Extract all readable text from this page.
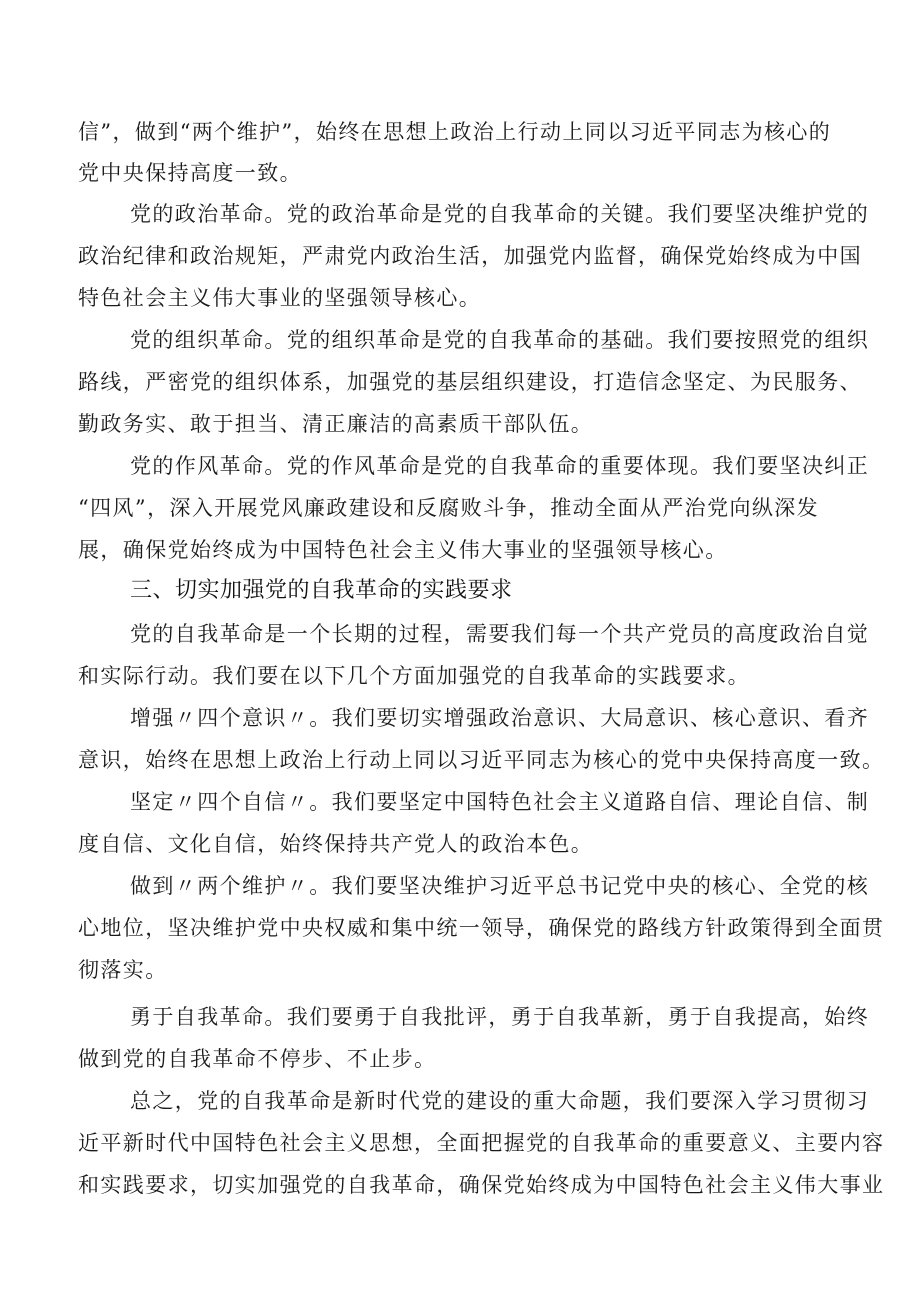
信”，做到“两个维护”，始终在思想上政治上行动上同以习近平同志为核心的
党中央保持高度一致。
党的政治革命。党的政治革命是党的自我革命的关键。我们要坚决维护党的
政治纪律和政治规矩，严肃党内政治生活，加强党内监督，确保党始终成为中国
特色社会主义伟大事业的坚强领导核心。
党的组织革命。党的组织革命是党的自我革命的基础。我们要按照党的组织
路线，严密党的组织体系，加强党的基层组织建设，打造信念坚定、为民服务、
勤政务实、敢于担当、清正廉洁的高素质干部队伍。
党的作风革命。党的作风革命是党的自我革命的重要体现。我们要坚决纠正
“四风”，深入开展党风廉政建设和反腐败斗争，推动全面从严治党向纵深发
展，确保党始终成为中国特色社会主义伟大事业的坚强领导核心。
三、切实加强党的自我革命的实践要求
党的自我革命是一个长期的过程，需要我们每一个共产党员的高度政治自觉
和实际行动。我们要在以下几个方面加强党的自我革命的实践要求。
增强〃四个意识〃。我们要切实增强政治意识、大局意识、核心意识、看齐
意识，始终在思想上政治上行动上同以习近平同志为核心的党中央保持高度一致。
坚定〃四个自信〃。我们要坚定中国特色社会主义道路自信、理论自信、制
度自信、文化自信，始终保持共产党人的政治本色。
做到〃两个维护〃。我们要坚决维护习近平总书记党中央的核心、全党的核
心地位，坚决维护党中央权威和集中统一领导，确保党的路线方针政策得到全面贯
彻落实。
勇于自我革命。我们要勇于自我批评，勇于自我革新，勇于自我提高，始终
做到党的自我革命不停步、不止步。
总之，党的自我革命是新时代党的建设的重大命题，我们要深入学习贯彻习
近平新时代中国特色社会主义思想，全面把握党的自我革命的重要意义、主要内容
和实践要求，切实加强党的自我革命，确保党始终成为中国特色社会主义伟大事业
